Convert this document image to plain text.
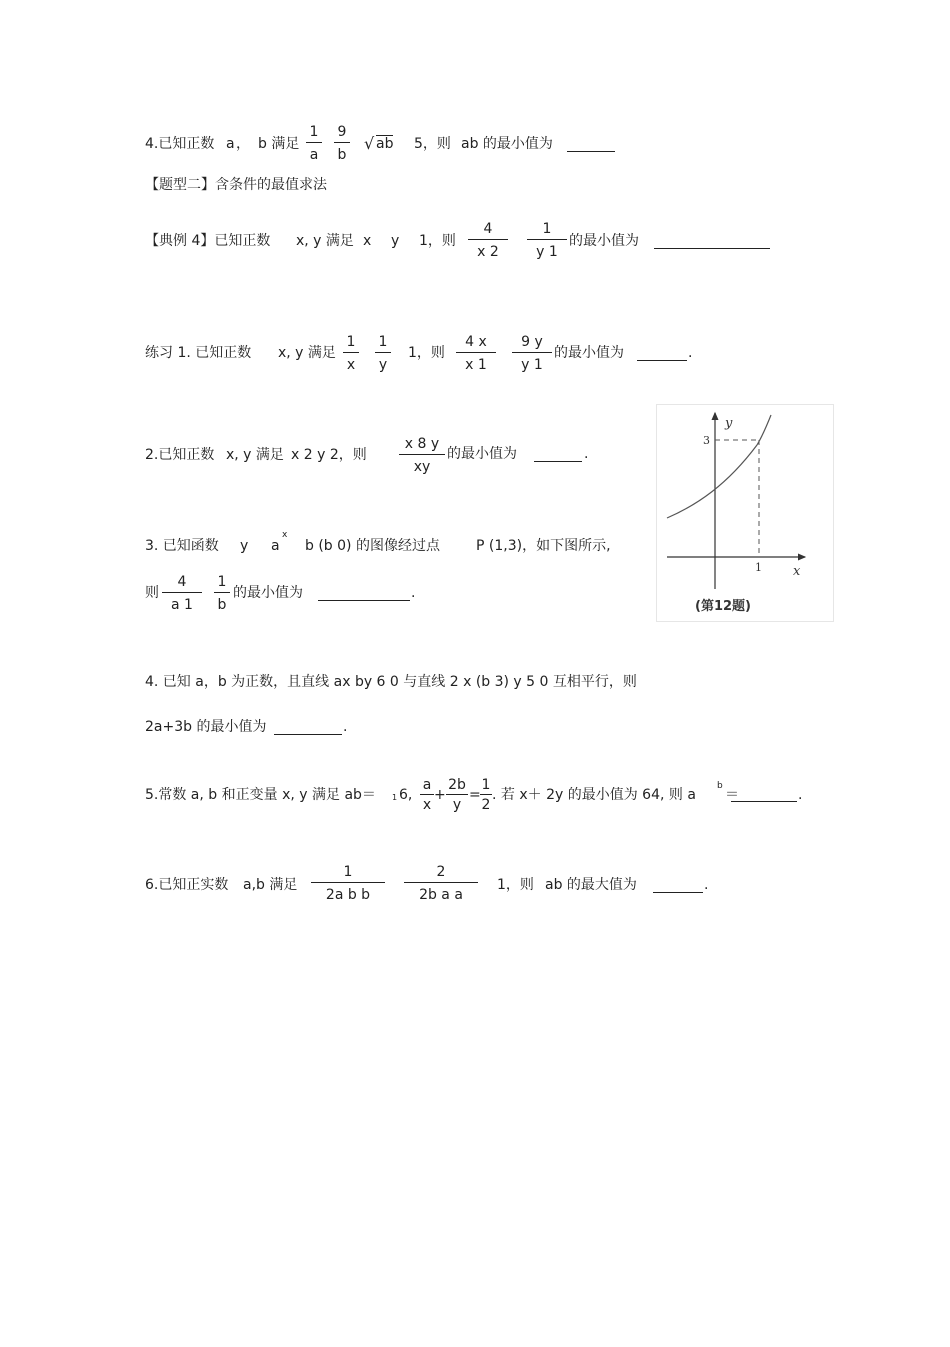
4.已知正数 a ， b 满足
1
a
9
b
√ ab 5，则 ab 的最小值为
【题型二】含条件的最值求法
【典例 4】已知正数 x, y 满足 x y 1，则
4
x 2
1
y 1
的最小值为
练习 1. 已知正数 x, y 满足
1
x
1
y
1，则
4 x
x 1
9 y
y 1
的最小值为	.
2.已知正数 x, y 满足 x 2 y 2，则
x 8 y
xy
的最小值为	.
3. 已知函数 y a
x
b (b 0) 的图像经过点	P (1,3)，如下图所示,
则
4
a 1
1
b
的最小值为	.
y
x
3
1
(第12题)
4. 已知 a，b 为正数，且直线 ax by 6 0 与直线 2 x (b 3) y 5 0 互相平行，则
2a+3b 的最小值为	.
5.常数 a, b 和正变量 x, y 满足 ab＝ 1 6,
a
x
+
2b
y
=
1
2
. 若 x＋ 2y 的最小值为 64, 则 a
b
＝	.
6.已知正实数 a,b 满足
1
2a b b
2
2b a a
1，则 ab 的最大值为	.
